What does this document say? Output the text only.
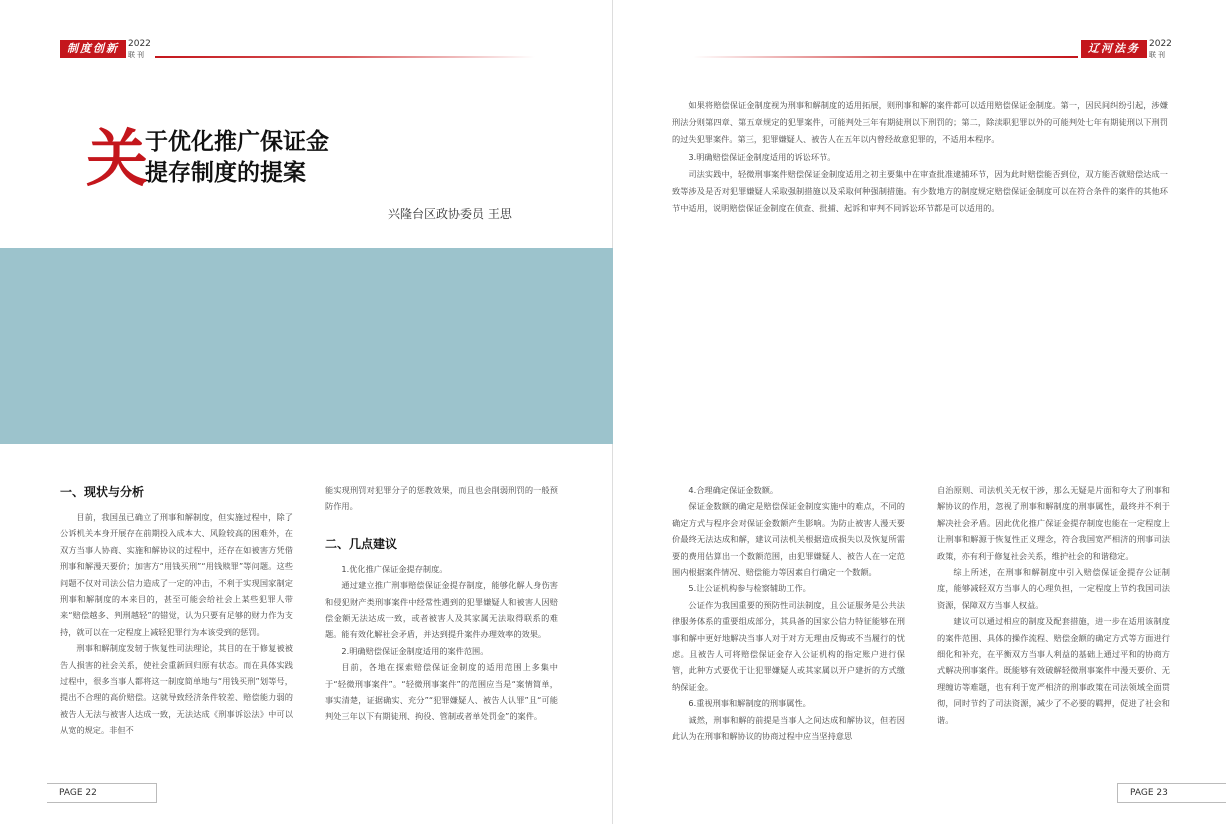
制度创新	2022
联刊
关
于优化推广保证金
提存制度的提案
兴隆台区政协委员 王思
一、现状与分析

目前，我国虽已确立了刑事和解制度，但实施过程中，除了公诉机关本身开展存在前期投入成本大、风险较高的困难外，在双方当事人协商、实施和解协议的过程中，还存在如被害方凭借刑事和解漫天要价；加害方“用钱买刑”“用钱赎罪”等问题。这些问题不仅对司法公信力造成了一定的冲击，不利于实现国家制定刑事和解制度的本来目的，甚至可能会给社会上某些犯罪人带来“赔偿越多、判刑越轻”的错觉，认为只要有足够的财力作为支持，就可以在一定程度上减轻犯罪行为本该受到的惩罚。

刑事和解制度发轫于恢复性司法理论，其目的在于修复被被告人损害的社会关系，使社会重新回归原有状态。而在具体实践过程中，很多当事人都将这一制度简单地与“用钱买刑”划等号，提出不合理的高价赔偿。这就导致经济条件较差、赔偿能力弱的被告人无法与被害人达成一致，无法达成《刑事诉讼法》中可以从宽的规定。非但不

能实现刑罚对犯罪分子的惩教效果，而且也会削弱刑罚的一般预防作用。

二、几点建议

1.优化推广保证金提存制度。

通过建立推广刑事赔偿保证金提存制度，能够化解人身伤害和侵犯财产类刑事案件中经常性遇到的犯罪嫌疑人和被害人因赔偿金额无法达成一致，或者被害人及其家属无法取得联系的难题。能有效化解社会矛盾，并达到提升案件办理效率的效果。

2.明确赔偿保证金制度适用的案件范围。

目前，各地在探索赔偿保证金制度的适用范围上多集中于“轻微刑事案件”。“轻微刑事案件”的范围应当是“案情简单，事实清楚，证据确实、充分”“犯罪嫌疑人、被告人认罪”且“可能判处三年以下有期徒刑、拘役、管制或者单处罚金”的案件。

PAGE 22
辽河法务	2022
联刊

如果将赔偿保证金制度视为刑事和解制度的适用拓展，则刑事和解的案件都可以适用赔偿保证金制度。第一，因民间纠纷引起，涉嫌刑法分则第四章、第五章规定的犯罪案件，可能判处三年有期徒刑以下刑罚的；第二，除渎职犯罪以外的可能判处七年有期徒刑以下刑罚的过失犯罪案件。第三，犯罪嫌疑人、被告人在五年以内曾经故意犯罪的，不适用本程序。

3.明确赔偿保证金制度适用的诉讼环节。

司法实践中，轻微刑事案件赔偿保证金制度适用之初主要集中在审查批准逮捕环节，因为此时赔偿能否到位，双方能否就赔偿达成一致等涉及是否对犯罪嫌疑人采取强制措施以及采取何种强制措施。有少数地方的制度规定赔偿保证金制度可以在符合条件的案件的其他环节中适用，说明赔偿保证金制度在侦查、批捕、起诉和审判不同诉讼环节都是可以适用的。

4.合理确定保证金数额。

保证金数额的确定是赔偿保证金制度实施中的难点，不同的确定方式与程序会对保证金数额产生影响。为防止被害人漫天要价最终无法达成和解，建议司法机关根据造成损失以及恢复所需要的费用估算出一个数额范围，由犯罪嫌疑人、被告人在一定范围内根据案件情况、赔偿能力等因素自行确定一个数额。

5.让公证机构参与检察辅助工作。

公证作为我国重要的预防性司法制度，且公证服务是公共法律服务体系的重要组成部分，其具备的国家公信力特征能够在刑事和解中更好地解决当事人对于对方无理由反悔或不当履行的忧虑。且被告人可将赔偿保证金存入公证机构的指定账户进行保管，此种方式要优于让犯罪嫌疑人或其家属以开户建折的方式缴纳保证金。

6.重视刑事和解制度的刑事属性。

诚然，刑事和解的前提是当事人之间达成和解协议，但若因此认为在刑事和解协议的协商过程中应当坚持意思

自治原则、司法机关无权干涉，那么无疑是片面和夸大了刑事和解协议的作用，忽视了刑事和解制度的刑事属性，最终并不利于解决社会矛盾。因此优化推广保证金提存制度也能在一定程度上让刑事和解源于恢复性正义理念，符合我国宽严相济的刑事司法政策，亦有利于修复社会关系，维护社会的和谐稳定。

综上所述，在刑事和解制度中引入赔偿保证金提存公证制度，能够减轻双方当事人的心理负担，一定程度上节约我国司法资源，保障双方当事人权益。

建议可以通过相应的制度及配套措施，进一步在适用该制度的案件范围、具体的操作流程、赔偿金额的确定方式等方面进行细化和补充，在平衡双方当事人利益的基础上通过平和的协商方式解决刑事案件。既能够有效破解轻微刑事案件中漫天要价、无理缠访等难题，也有利于宽严相济的刑事政策在司法领域全面贯彻，同时节约了司法资源，减少了不必要的羁押，促进了社会和谐。

PAGE 23
